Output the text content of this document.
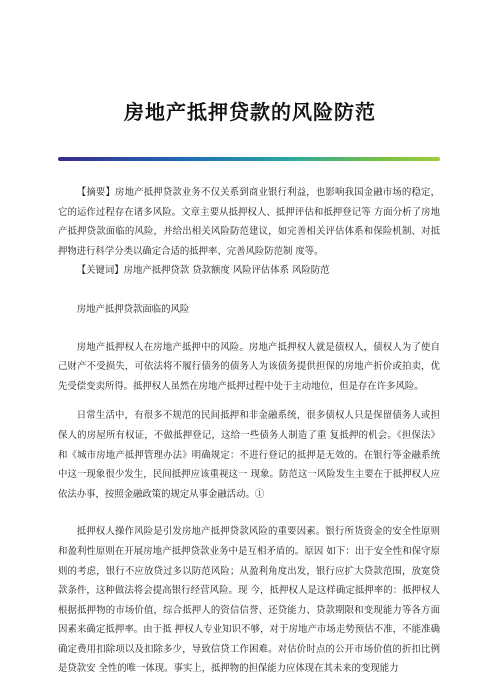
房地产抵押贷款的风险防范

【摘要】房地产抵押贷款业务不仅关系到商业银行利益，也影响我国金融市场的稳定，它的运作过程存在诸多风险。文章主要从抵押权人、抵押评估和抵押登记等 方面分析了房地产抵押贷款面临的风险，并给出相关风险防范建议，如完善相关评估体系和保险机制、对抵押物进行科学分类以确定合适的抵押率、完善风险防范制 度等。

【关键词】房地产抵押贷款 贷款额度 风险评估体系 风险防范

房地产抵押贷款面临的风险

房地产抵押权人在房地产抵押中的风险。房地产抵押权人就是债权人，债权人为了使自己财产不受损失，可依法将不履行债务的债务人为该债务提供担保的房地产折价或拍卖，优先受偿变卖所得。抵押权人虽然在房地产抵押过程中处于主动地位，但是存在许多风险。

日常生活中，有很多不规范的民间抵押和非金融系统，很多债权人只是保留债务人或担保人的房屋所有权证，不做抵押登记，这给一些债务人制造了重 复抵押的机会。《担保法》和《城市房地产抵押管理办法》明确规定：不进行登记的抵押是无效的。在银行等金融系统中这一现象很少发生，民间抵押应该重视这一 现象。防范这一风险发生主要在于抵押权人应依法办事，按照金融政策的规定从事金融活动。①

抵押权人操作风险是引发房地产抵押贷款风险的重要因素。银行所货资金的安全性原则和盈利性原则在开展房地产抵押贷款业务中是互相矛盾的。原因 如下：出于安全性和保守原则的考虑，银行不应放贷过多以防范风险；从盈利角度出发，银行应扩大贷款范围，放宽贷款条件，这种做法将会提高银行经营风险。现 今，抵押权人是这样确定抵押率的：抵押权人根据抵押物的市场价值，综合抵押人的资信信誉、还贷能力、贷款期限和变现能力等各方面因素来确定抵押率。由于抵 押权人专业知识不够，对于房地产市场走势预估不准，不能准确确定费用扣除项以及扣除多少，导致信贷工作困难。对估价时点的公开市场价值的折扣比例是贷款安 全性的唯一体现。事实上，抵押物的担保能力应体现在其未来的变现能力
